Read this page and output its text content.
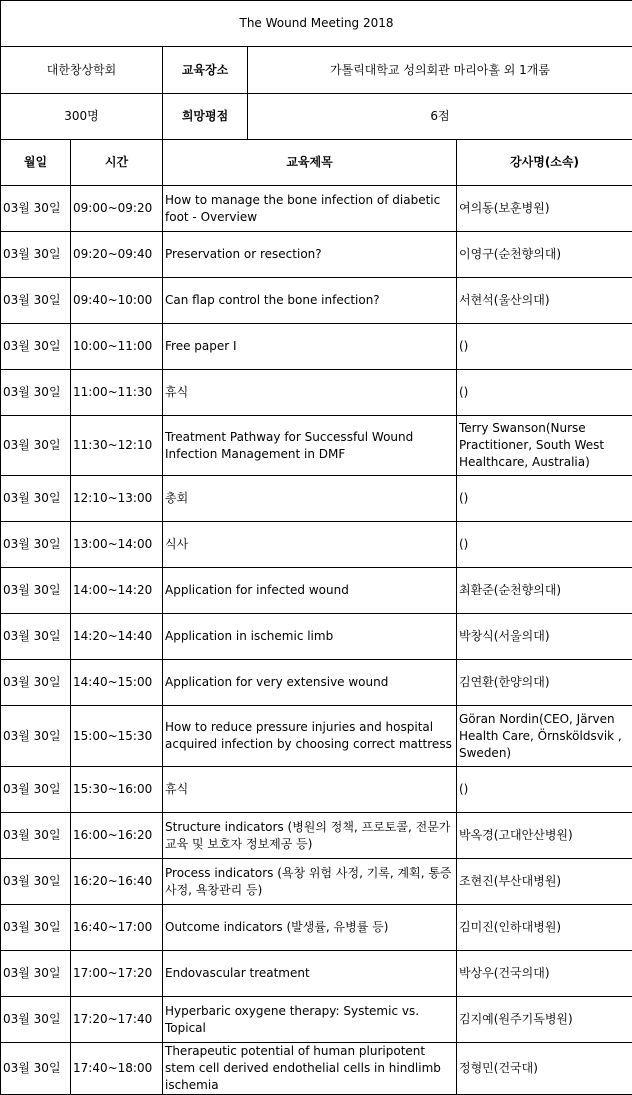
The Wound Meeting 2018				
대한창상학회		교육장소	가톨릭대학교 성의회관 마리아홀 외 1개룸	
300명		희망평점	6점	
월일	시간	교육제목		강사명(소속)
03월 30일	09:00~09:20	How to manage the bone infection of diabetic foot - Overview		여의동(보훈병원)
03월 30일	09:20~09:40	Preservation or resection?		이영구(순천향의대)
03월 30일	09:40~10:00	Can flap control the bone infection?		서현석(울산의대)
03월 30일	10:00~11:00	Free paper I		()
03월 30일	11:00~11:30	휴식		()
03월 30일	11:30~12:10	Treatment Pathway for Successful Wound Infection Management in DMF		Terry Swanson(Nurse Practitioner, South West Healthcare, Australia)
03월 30일	12:10~13:00	총회		()
03월 30일	13:00~14:00	식사		()
03월 30일	14:00~14:20	Application for infected wound		최환준(순천향의대)
03월 30일	14:20~14:40	Application in ischemic limb		박창식(서울의대)
03월 30일	14:40~15:00	Application for very extensive wound		김연환(한양의대)
03월 30일	15:00~15:30	How to reduce pressure injuries and hospital acquired infection by choosing correct mattress		Göran Nordin(CEO, Järven Health Care, Örnsköldsvik , Sweden)
03월 30일	15:30~16:00	휴식		()
03월 30일	16:00~16:20	Structure indicators (병원의 정책, 프로토콜, 전문가 교육 및 보호자 정보제공 등)		박옥경(고대안산병원)
03월 30일	16:20~16:40	Process indicators (욕창 위험 사정, 기록, 계획, 통증 사정, 욕창관리 등)		조현진(부산대병원)
03월 30일	16:40~17:00	Outcome indicators (발생률, 유병률 등)		김미진(인하대병원)
03월 30일	17:00~17:20	Endovascular treatment		박상우(건국의대)
03월 30일	17:20~17:40	Hyperbaric oxygene therapy: Systemic vs. Topical		김지예(원주기독병원)
03월 30일	17:40~18:00	Therapeutic potential of human pluripotent stem cell derived endothelial cells in hindlimb ischemia		정형민(건국대)
